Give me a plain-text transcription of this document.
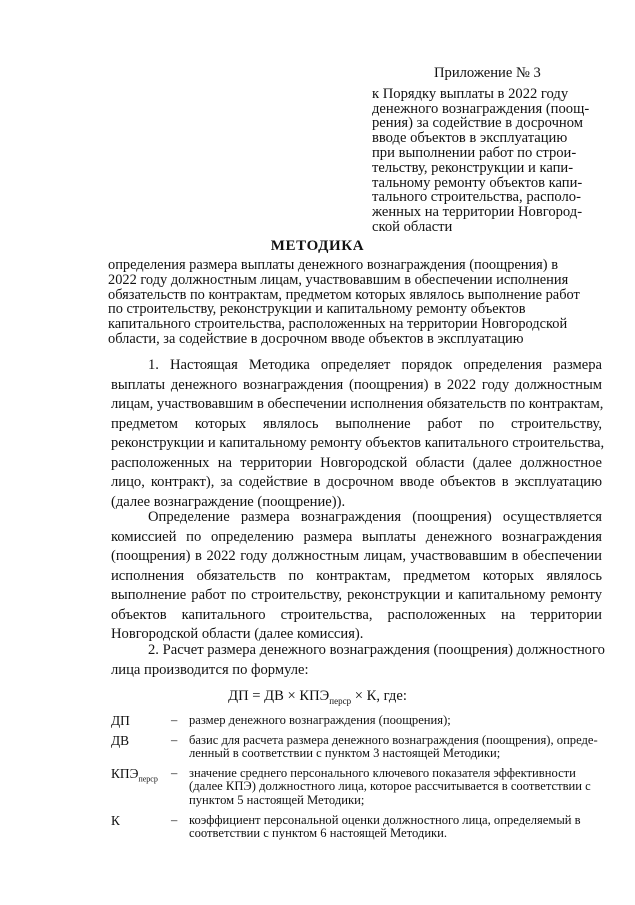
Приложение № 3
к Порядку выплаты в 2022 году
денежного вознаграждения (поощ-
рения) за содействие в досрочном
вводе объектов в эксплуатацию
при выполнении работ по строи-
тельству, реконструкции и капи-
тальному ремонту объектов капи-
тального строительства, располо-
женных на территории Новгород-
ской области
МЕТОДИКА
определения размера выплаты денежного вознаграждения (поощрения) в
2022 году должностным лицам, участвовавшим в обеспечении исполнения
обязательств по контрактам, предметом которых являлось выполнение работ
по строительству, реконструкции и капитальному ремонту объектов
капитального строительства, расположенных на территории Новгородской
области, за содействие в досрочном вводе объектов в эксплуатацию
1. Настоящая Методика определяет порядок определения размера
выплаты денежного вознаграждения (поощрения) в 2022 году должностным
лицам, участвовавшим в обеспечении исполнения обязательств по контрактам,
предметом которых являлось выполнение работ по строительству,
реконструкции и капитальному ремонту объектов капитального строительства,
расположенных на территории Новгородской области (далее должностное
лицо, контракт), за содействие в досрочном вводе объектов в эксплуатацию
(далее вознаграждение (поощрение)).
Определение размера вознаграждения (поощрения) осуществляется
комиссией по определению размера выплаты денежного вознаграждения
(поощрения) в 2022 году должностным лицам, участвовавшим в обеспечении
исполнения обязательств по контрактам, предметом которых являлось
выполнение работ по строительству, реконструкции и капитальному ремонту
объектов капитального строительства, расположенных на территории
Новгородской области (далее комиссия).
2. Расчет размера денежного вознаграждения (поощрения) должностного
лица производится по формуле:
ДП = ДВ × $КПЭ_{перср} \times К$, где:
ДП	– размер денежного вознаграждения (поощрения);
ДВ	– базис для расчета размера денежного вознаграждения (поощрения), опреде-
ленный в соответствии с пунктом 3 настоящей Методики;
$КПЭ_{перср}$ – значение среднего персонального ключевого показателя эффективности
(далее КПЭ) должностного лица, которое рассчитывается в соответствии с
пунктом 5 настоящей Методики;
К	– коэффициент персональной оценки должностного лица, определяемый в
соответствии с пунктом 6 настоящей Методики.
